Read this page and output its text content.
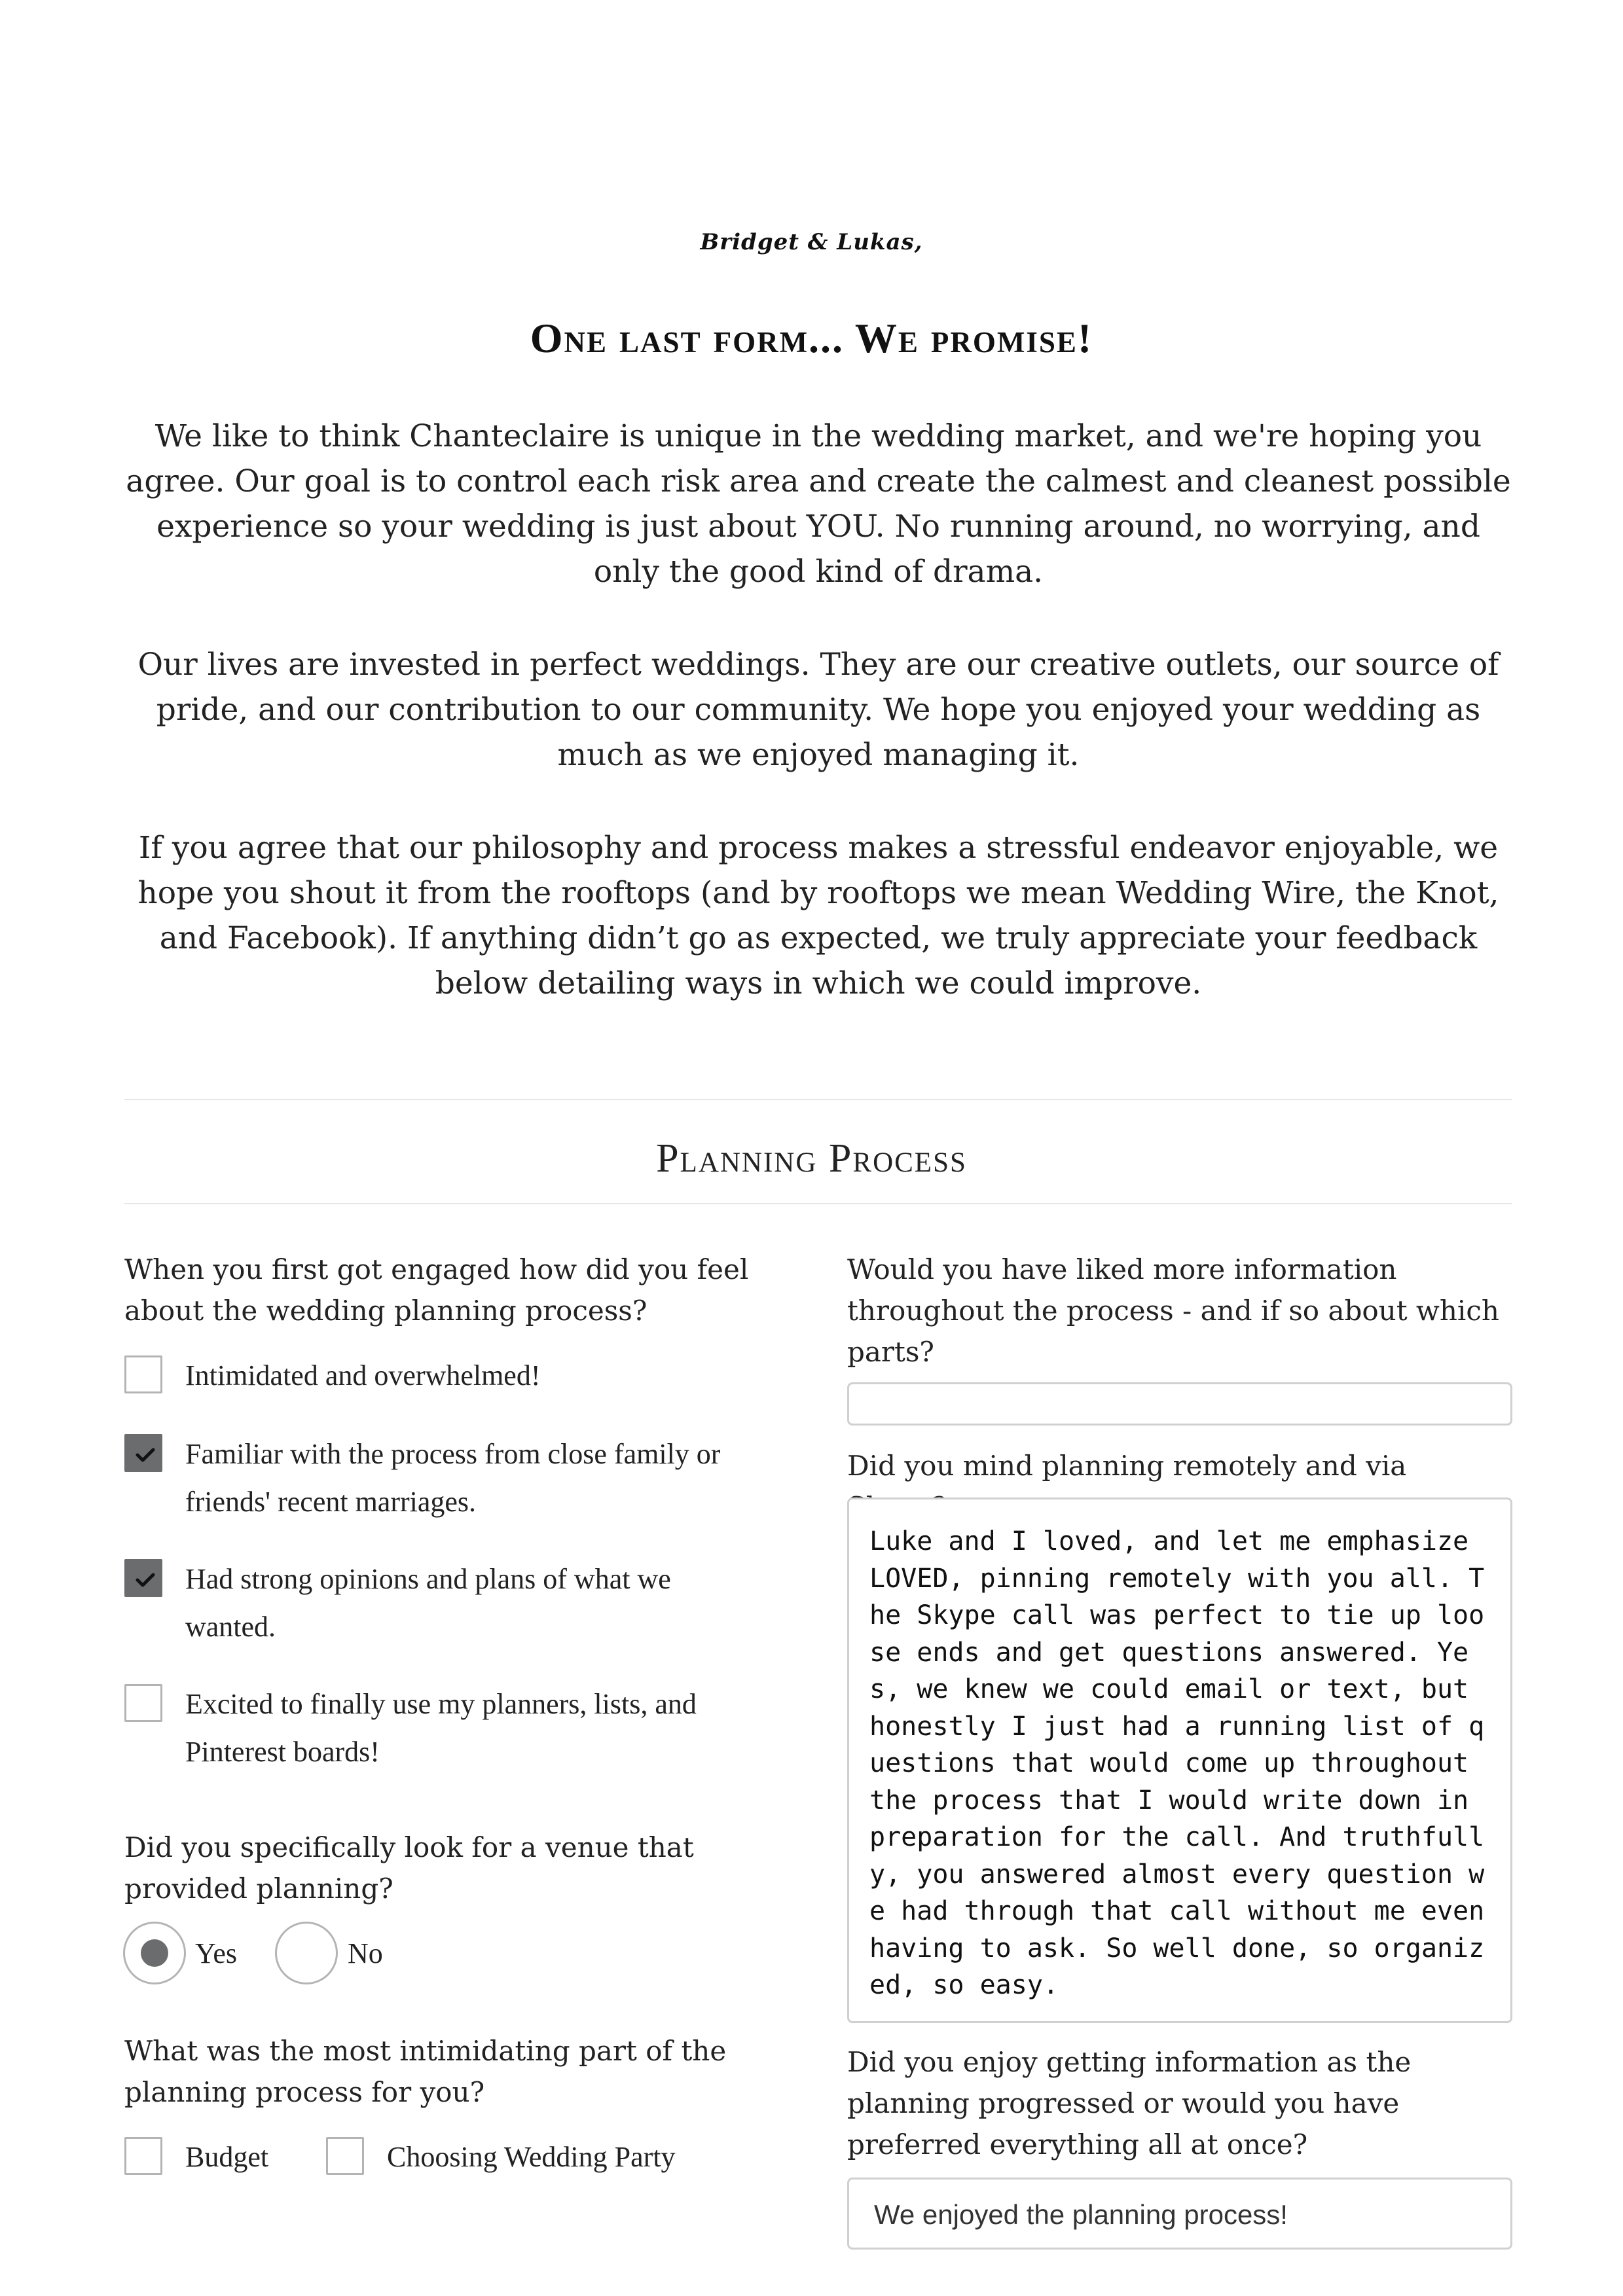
Bridget & Lukas,
One last form... We promise!
We like to think Chanteclaire is unique in the wedding market, and we're hoping you agree. Our goal is to control each risk area and create the calmest and cleanest possible experience so your wedding is just about YOU. No running around, no worrying, and only the good kind of drama.
Our lives are invested in perfect weddings. They are our creative outlets, our source of pride, and our contribution to our community. We hope you enjoyed your wedding as much as we enjoyed managing it.
If you agree that our philosophy and process makes a stressful endeavor enjoyable, we hope you shout it from the rooftops (and by rooftops we mean Wedding Wire, the Knot, and Facebook). If anything didn’t go as expected, we truly appreciate your feedback below detailing ways in which we could improve.
Planning Process
When you first got engaged how did you feel about the wedding planning process?
Intimidated and overwhelmed!
Familiar with the process from close family or friends' recent marriages.
Had strong opinions and plans of what we wanted.
Excited to finally use my planners, lists, and Pinterest boards!
Did you specifically look for a venue that provided planning?
Yes	No
What was the most intimidating part of the planning process for you?
Budget	Choosing Wedding Party
Would you have liked more information throughout the process - and if so about which parts?
Did you mind planning remotely and via
Luke and I loved, and let me emphasize LOVED, pinning remotely with you all. The Skype call was perfect to tie up loose ends and get questions answered. Yes, we knew we could email or text, but honestly I just had a running list of questions that would come up throughout the process that I would write down in preparation for the call. And truthfully, you answered almost every question we had through that call without me even having to ask. So well done, so organized, so easy.
Did you enjoy getting information as the planning progressed or would you have preferred everything all at once?
We enjoyed the planning process!
